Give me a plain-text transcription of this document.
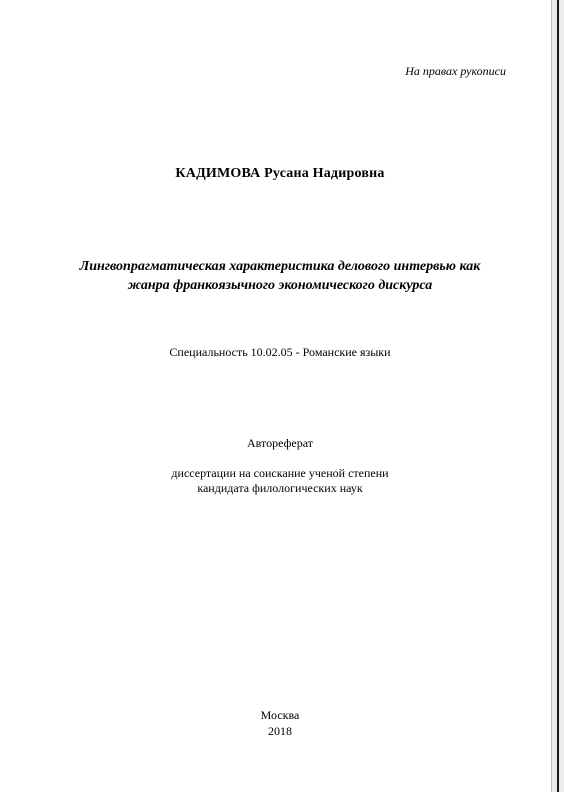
На правах рукописи
КАДИМОВА Русана Надировна
Лингвопрагматическая характеристика делового интервью как
жанра франкоязычного экономического дискурса
Специальность 10.02.05 - Романские языки
Автореферат
диссертации на соискание ученой степени
кандидата филологических наук
Москва
2018
